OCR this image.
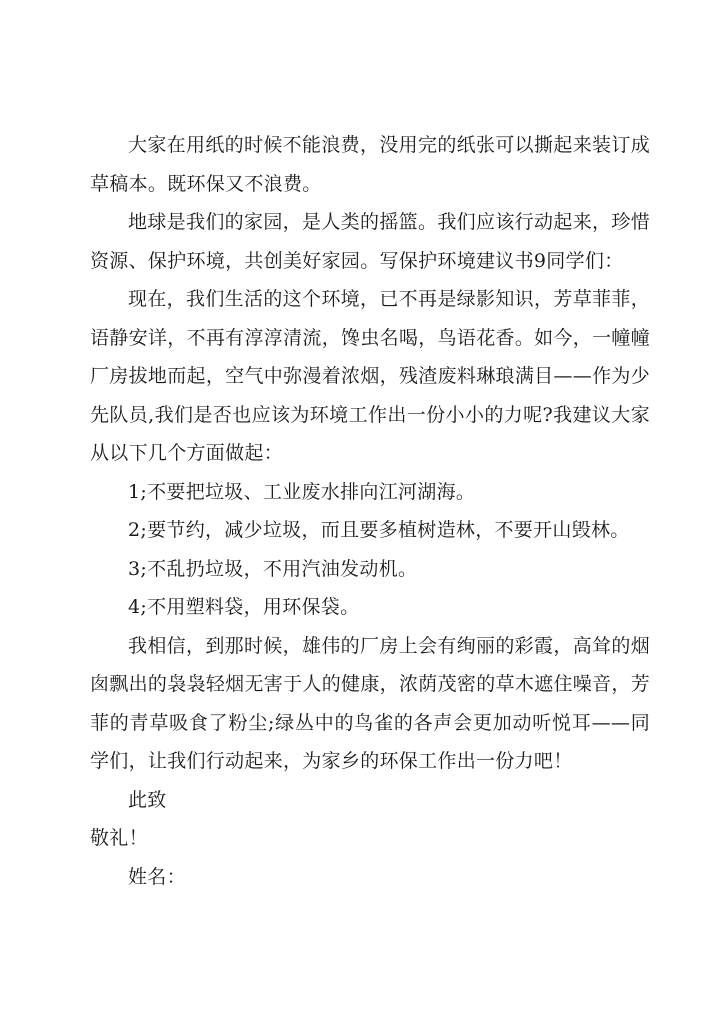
大家在用纸的时候不能浪费，没用完的纸张可以撕起来装订成草稿本。既环保又不浪费。

地球是我们的家园，是人类的摇篮。我们应该行动起来，珍惜资源、保护环境，共创美好家园。写保护环境建议书9同学们：

现在，我们生活的这个环境，已不再是绿影知识，芳草菲菲，语静安详，不再有淳淳清流，馋虫名喝，鸟语花香。如今，一幢幢厂房拔地而起，空气中弥漫着浓烟，残渣废料琳琅满目——作为少先队员,我们是否也应该为环境工作出一份小小的力呢?我建议大家从以下几个方面做起：

1;不要把垃圾、工业废水排向江河湖海。

2;要节约，减少垃圾，而且要多植树造林，不要开山毁林。

3;不乱扔垃圾，不用汽油发动机。

4;不用塑料袋，用环保袋。

我相信，到那时候，雄伟的厂房上会有绚丽的彩霞，高耸的烟囱飘出的袅袅轻烟无害于人的健康，浓荫茂密的草木遮住噪音，芳菲的青草吸食了粉尘;绿丛中的鸟雀的各声会更加动听悦耳——同学们，让我们行动起来，为家乡的环保工作出一份力吧！

此致

敬礼！

姓名：
